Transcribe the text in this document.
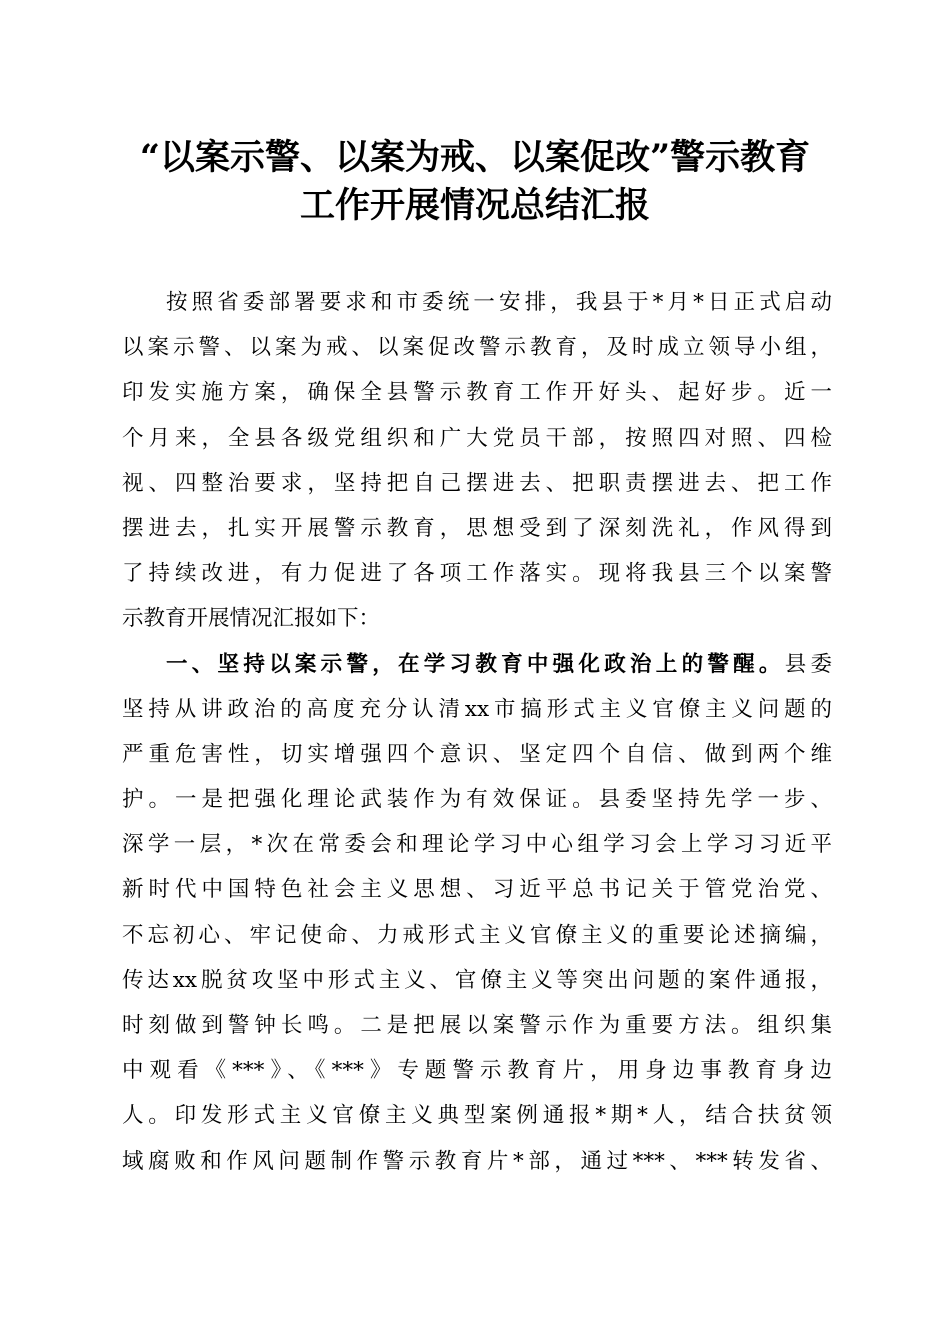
“以案示警、以案为戒、以案促改”警示教育
工作开展情况总结汇报
按照省委部署要求和市委统一安排，我县于*月*日正式启动
以案示警、以案为戒、以案促改警示教育，及时成立领导小组，
印发实施方案，确保全县警示教育工作开好头、起好步。近一
个月来，全县各级党组织和广大党员干部，按照四对照、四检
视、四整治要求，坚持把自己摆进去、把职责摆进去、把工作
摆进去，扎实开展警示教育，思想受到了深刻洗礼，作风得到
了持续改进，有力促进了各项工作落实。现将我县三个以案警
示教育开展情况汇报如下：
一、坚持以案示警，在学习教育中强化政治上的警醒。县委
坚持从讲政治的高度充分认清xx市搞形式主义官僚主义问题的
严重危害性，切实增强四个意识、坚定四个自信、做到两个维
护。一是把强化理论武装作为有效保证。县委坚持先学一步、
深学一层，*次在常委会和理论学习中心组学习会上学习习近平
新时代中国特色社会主义思想、习近平总书记关于管党治党、
不忘初心、牢记使命、力戒形式主义官僚主义的重要论述摘编，
传达xx脱贫攻坚中形式主义、官僚主义等突出问题的案件通报，
时刻做到警钟长鸣。二是把展以案警示作为重要方法。组织集
中观看《***》、《***》专题警示教育片，用身边事教育身边
人。印发形式主义官僚主义典型案例通报*期*人，结合扶贫领
域腐败和作风问题制作警示教育片*部，通过***、***转发省、
